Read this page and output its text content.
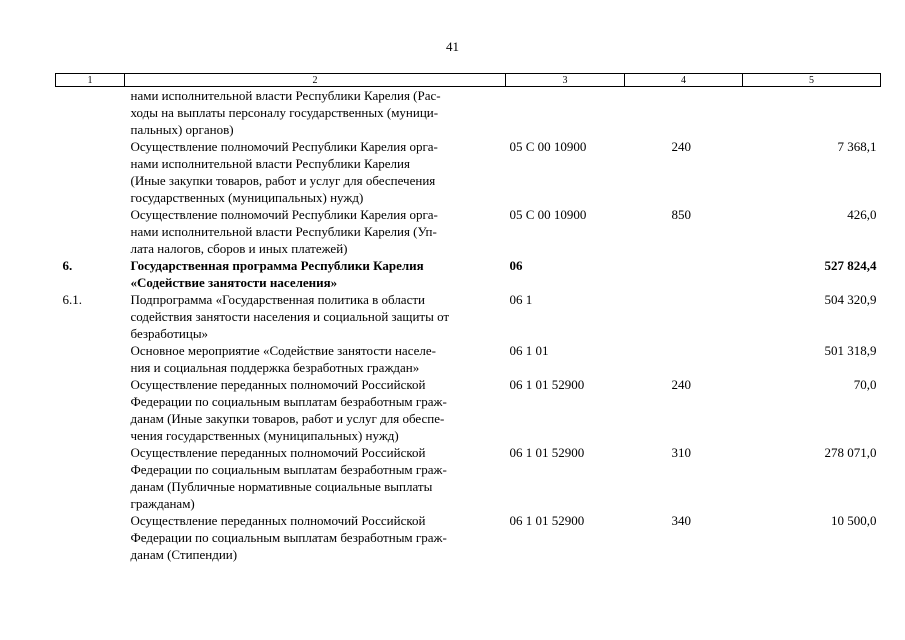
41
1	2	3	4	5
	нами исполнительной власти Республики Карелия (Рас-
ходы на выплаты персоналу государственных (муници-
пальных) органов)			
	Осуществление полномочий Республики Карелия орга-
нами исполнительной власти Республики Карелия
(Иные закупки товаров, работ и услуг для обеспечения
государственных (муниципальных) нужд)	05 С 00 10900	240	7 368,1
	Осуществление полномочий Республики Карелия орга-
нами исполнительной власти Республики Карелия (Уп-
лата налогов, сборов и иных платежей)	05 С 00 10900	850	426,0
6.	Государственная программа Республики Карелия
«Содействие занятости населения»	06		527 824,4
6.1.	Подпрограмма «Государственная политика в области
содействия занятости населения и социальной защиты от
безработицы»	06 1		504 320,9
	Основное мероприятие «Содействие занятости населе-
ния и социальная поддержка безработных граждан»	06 1 01		501 318,9
	Осуществление переданных полномочий Российской
Федерации по социальным выплатам безработным граж-
данам (Иные закупки товаров, работ и услуг для обеспе-
чения государственных (муниципальных) нужд)	06 1 01 52900	240	70,0
	Осуществление переданных полномочий Российской
Федерации по социальным выплатам безработным граж-
данам (Публичные нормативные социальные выплаты
гражданам)	06 1 01 52900	310	278 071,0
	Осуществление переданных полномочий Российской
Федерации по социальным выплатам безработным граж-
данам (Стипендии)	06 1 01 52900	340	10 500,0
